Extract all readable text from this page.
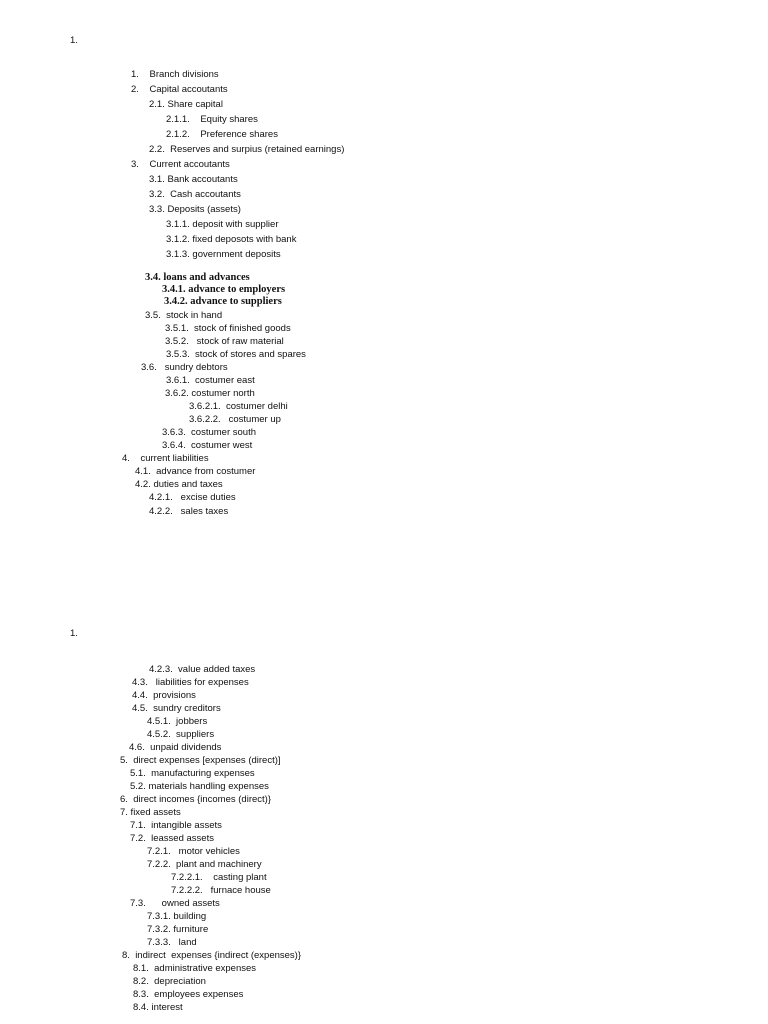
1.
1.    Branch divisions
2.    Capital accoutants
2.1. Share capital
2.1.1.    Equity shares
2.1.2.    Preference shares
2.2.  Reserves and surpius (retained earnings)
3.    Current accoutants
3.1. Bank accoutants
3.2.  Cash accoutants
3.3. Deposits (assets)
3.1.1. deposit with supplier
3.1.2. fixed deposots with bank
3.1.3. government deposits
3.4. loans and advances
3.4.1. advance to employers
3.4.2. advance to suppliers
3.5.  stock in hand
3.5.1.  stock of finished goods
3.5.2.   stock of raw material
3.5.3.  stock of stores and spares
3.6.   sundry debtors
3.6.1.  costumer east
3.6.2. costumer north
3.6.2.1.  costumer delhi
3.6.2.2.   costumer up
3.6.3.  costumer south
3.6.4.  costumer west
4.    current liabilities
4.1.  advance from costumer
4.2. duties and taxes
4.2.1.   excise duties
4.2.2.   sales taxes
1.
4.2.3.  value added taxes
4.3.   liabilities for expenses
4.4.  provisions
4.5.  sundry creditors
4.5.1.  jobbers
4.5.2.  suppliers
4.6.  unpaid dividends
5.  direct expenses [expenses (direct)]
5.1.  manufacturing expenses
5.2. materials handling expenses
6.  direct incomes {incomes (direct)}
7. fixed assets
7.1.  intangible assets
7.2.  leassed assets
7.2.1.   motor vehicles
7.2.2.  plant and machinery
7.2.2.1.    casting plant
7.2.2.2.   furnace house
7.3.      owned assets
7.3.1. building
7.3.2. furniture
7.3.3.   land
8.  indirect  expenses {indirect (expenses)}
8.1.  administrative expenses
8.2.  depreciation
8.3.  employees expenses
8.4. interest
